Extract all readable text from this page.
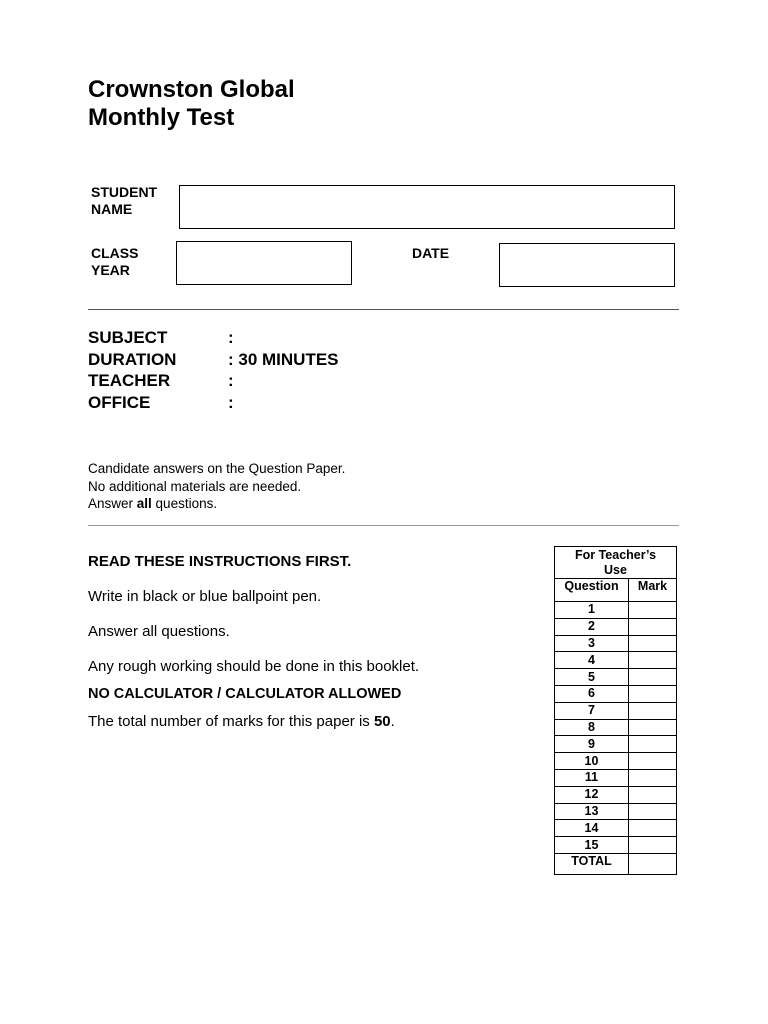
Crownston Global
Monthly Test
STUDENT
NAME
CLASS
YEAR
DATE
SUBJECT	:
DURATION	: 30 MINUTES
TEACHER	:
OFFICE	:
Candidate answers on the Question Paper.
No additional materials are needed.
Answer all questions.
READ THESE INSTRUCTIONS FIRST.
Write in black or blue ballpoint pen.
Answer all questions.
Any rough working should be done in this booklet.
NO CALCULATOR / CALCULATOR ALLOWED
The total number of marks for this paper is 50.
For Teacher’s Use	
Question	Mark
1	
2	
3	
4	
5	
6	
7	
8	
9	
10	
11	
12	
13	
14	
15	
TOTAL	
